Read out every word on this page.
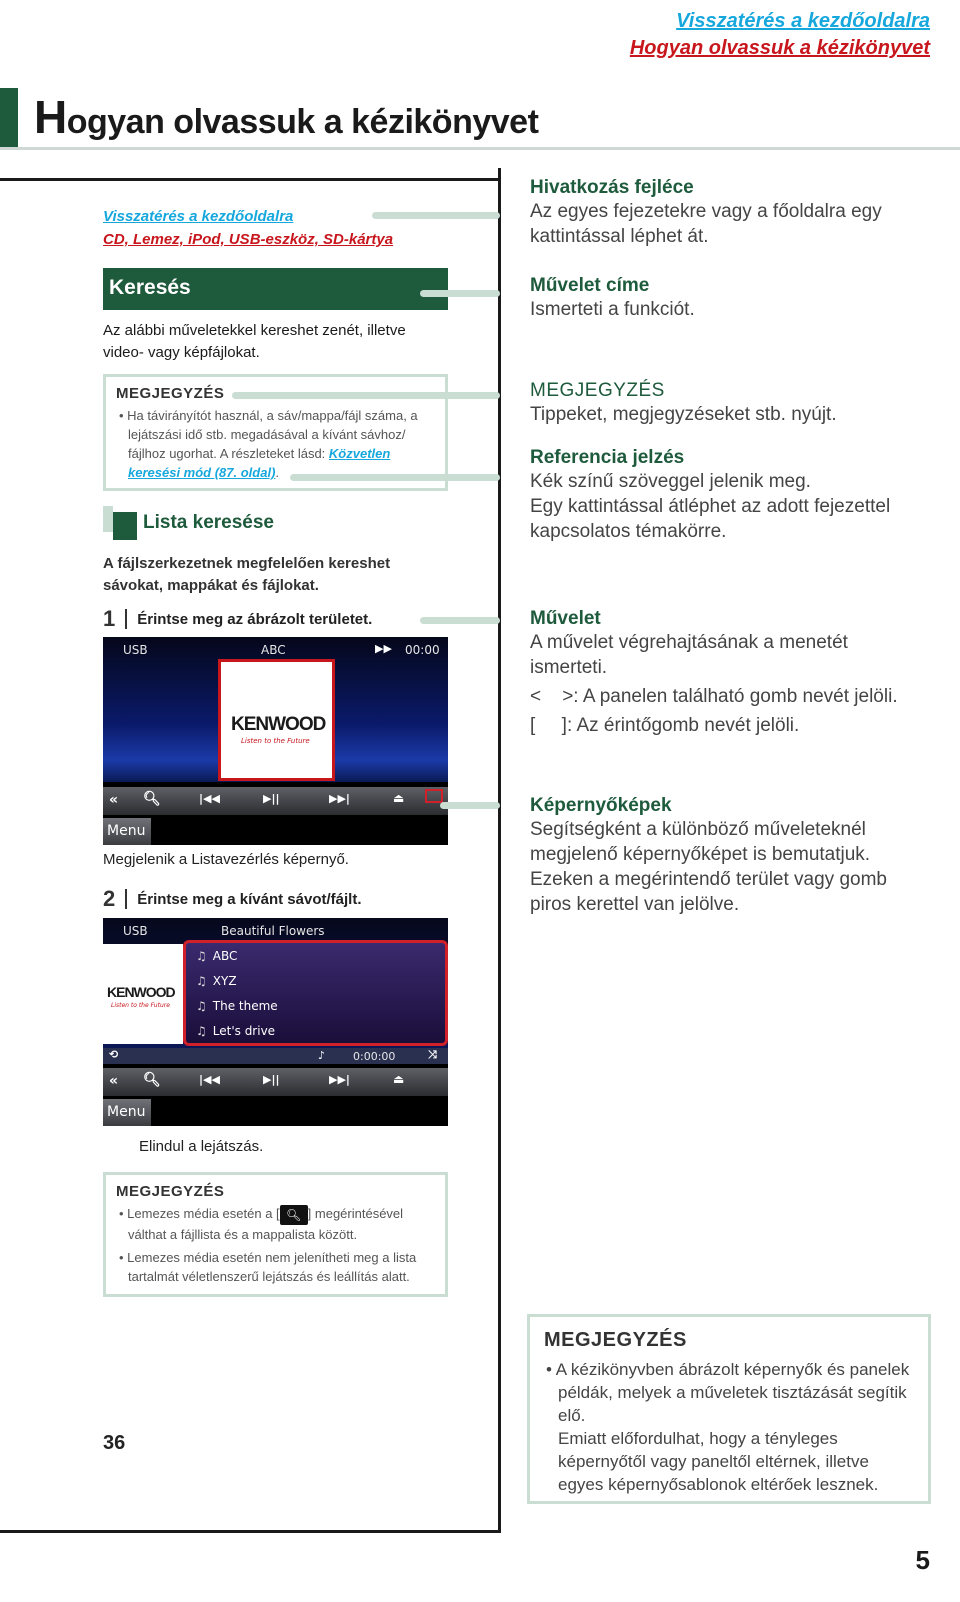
Visszatérés a kezdőoldalra
Hogyan olvassuk a kézikönyvet
Hogyan olvassuk a kézikönyvet
Visszatérés a kezdőoldalra
CD, Lemez, iPod, USB-eszköz, SD-kártya
Keresés
Az alábbi műveletekkel kereshet zenét, illetve video- vagy képfájlokat.
MEGJEGYZÉS
• Ha távirányítót használ, a sáv/mappa/fájl száma, a lejátszási idő stb. megadásával a kívánt sávhoz/ fájlhoz ugorhat. A részleteket lásd: Közvetlen keresési mód (87. oldal).
Lista keresése
A fájlszerkezetnek megfelelően kereshet sávokat, mappákat és fájlokat.
1 Érintse meg az ábrázolt területet.
USB	ABC	▶▶ 00:00
KENWOOD
Listen to the Future
« 🔍︎	|◀◀	▶||	▶▶|	⏏
Menu
Megjelenik a Listavezérlés képernyő.
2 Érintse meg a kívánt sávot/fájlt.
USB	Beautiful Flowers
KENWOOD
Listen to the Future
♫ ABC
♫ XYZ
♫ The theme
♫ Let's drive
⟲	♪	0:00:00	⤨
« 🔍︎	|◀◀	▶||	▶▶|	⏏
Menu
Elindul a lejátszás.
MEGJEGYZÉS
• Lemezes média esetén a [ 🔍︎ ] megérintésével válthat a fájllista és a mappalista között.
• Lemezes média esetén nem jelenítheti meg a lista tartalmát véletlenszerű lejátszás és leállítás alatt.
36
Hivatkozás fejléce
Az egyes fejezetekre vagy a főoldalra egy kattintással léphet át.
Művelet címe
Ismerteti a funkciót.
MEGJEGYZÉS
Tippeket, megjegyzéseket stb. nyújt.
Referencia jelzés
Kék színű szöveggel jelenik meg.
Egy kattintással átléphet az adott fejezettel kapcsolatos témakörre.
Művelet
A művelet végrehajtásának a menetét ismerteti.
<    >: A panelen található gomb nevét jelöli.
[     ]: Az érintőgomb nevét jelöli.
Képernyőképek
Segítségként a különböző műveleteknél megjelenő képernyőképet is bemutatjuk. Ezeken a megérintendő terület vagy gomb piros kerettel van jelölve.
MEGJEGYZÉS
• A kézikönyvben ábrázolt képernyők és panelek példák, melyek a műveletek tisztázását segítik elő.
Emiatt előfordulhat, hogy a tényleges képernyőtől vagy paneltől eltérnek, illetve egyes képernyősablonok eltérőek lesznek.
5
